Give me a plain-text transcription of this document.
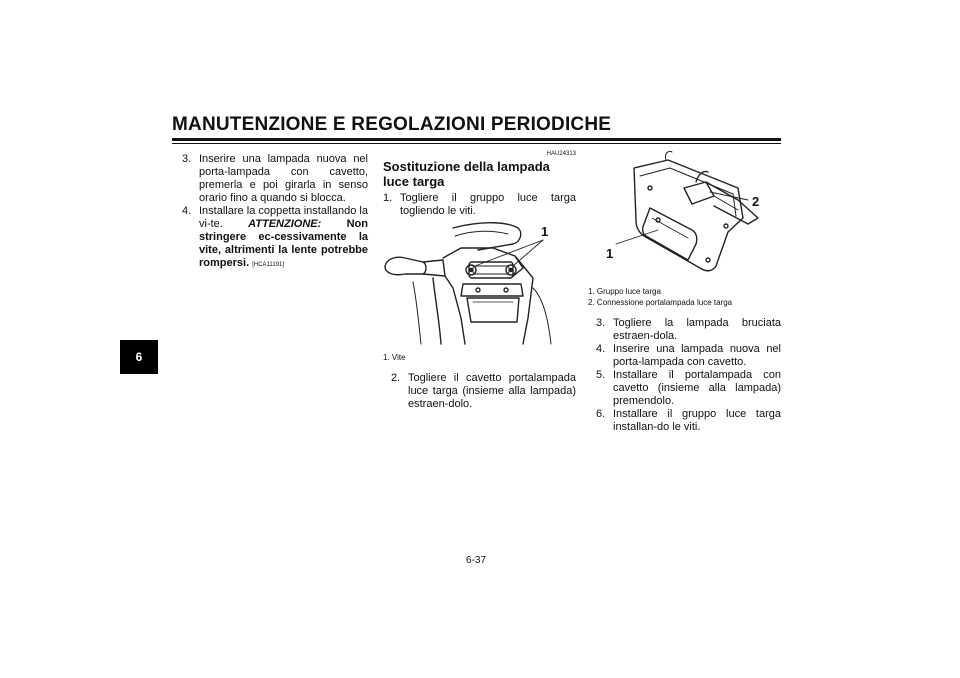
MANUTENZIONE E REGOLAZIONI PERIODICHE
6
3. Inserire una lampada nuova nel porta-lampada con cavetto, premerla e poi girarla in senso orario fino a quando si blocca.
4. Installare la coppetta installando la vi-te. ATTENZIONE: Non stringere ec-cessivamente la vite, altrimenti la lente potrebbe rompersi. [HCA11191]
HAU24313
Sostituzione della lampada luce targa
1. Togliere il gruppo luce targa togliendo le viti.
1
1. Vite
2. Togliere il cavetto portalampada luce targa (insieme alla lampada) estraen-dolo.
2
1
1. Gruppo luce targa
2. Connessione portalampada luce targa
3. Togliere la lampada bruciata estraen-dola.
4. Inserire una lampada nuova nel porta-lampada con cavetto.
5. Installare il portalampada con cavetto (insieme alla lampada) premendolo.
6. Installare il gruppo luce targa installan-do le viti.
6-37
